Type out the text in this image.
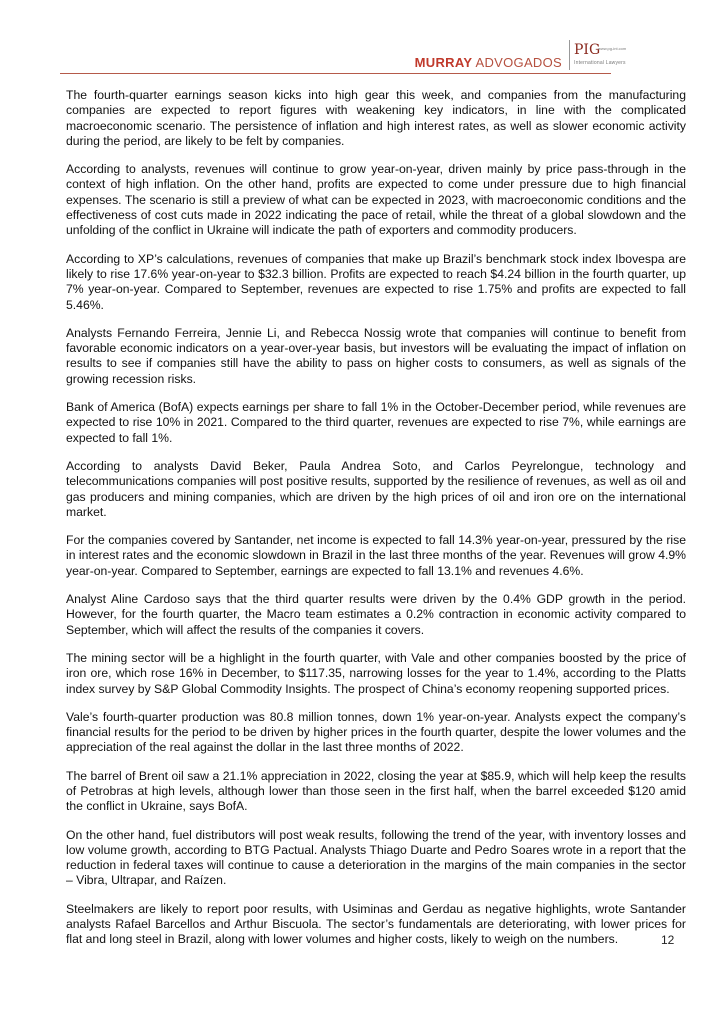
MURRAY ADVOGADOS
PIG
www.pg-int.com
International Lawyers

The fourth-quarter earnings season kicks into high gear this week, and companies from the manufacturing companies are expected to report figures with weakening key indicators, in line with the complicated macroeconomic scenario. The persistence of inflation and high interest rates, as well as slower economic activity during the period, are likely to be felt by companies.

According to analysts, revenues will continue to grow year-on-year, driven mainly by price pass-through in the context of high inflation. On the other hand, profits are expected to come under pressure due to high financial expenses. The scenario is still a preview of what can be expected in 2023, with macroeconomic conditions and the effectiveness of cost cuts made in 2022 indicating the pace of retail, while the threat of a global slowdown and the unfolding of the conflict in Ukraine will indicate the path of exporters and commodity producers.

According to XP’s calculations, revenues of companies that make up Brazil’s benchmark stock index Ibovespa are likely to rise 17.6% year-on-year to $32.3 billion. Profits are expected to reach $4.24 billion in the fourth quarter, up 7% year-on-year. Compared to September, revenues are expected to rise 1.75% and profits are expected to fall 5.46%.

Analysts Fernando Ferreira, Jennie Li, and Rebecca Nossig wrote that companies will continue to benefit from favorable economic indicators on a year-over-year basis, but investors will be evaluating the impact of inflation on results to see if companies still have the ability to pass on higher costs to consumers, as well as signals of the growing recession risks.

Bank of America (BofA) expects earnings per share to fall 1% in the October-December period, while revenues are expected to rise 10% in 2021. Compared to the third quarter, revenues are expected to rise 7%, while earnings are expected to fall 1%.

According to analysts David Beker, Paula Andrea Soto, and Carlos Peyrelongue, technology and telecommunications companies will post positive results, supported by the resilience of revenues, as well as oil and gas producers and mining companies, which are driven by the high prices of oil and iron ore on the international market.

For the companies covered by Santander, net income is expected to fall 14.3% year-on-year, pressured by the rise in interest rates and the economic slowdown in Brazil in the last three months of the year. Revenues will grow 4.9% year-on-year. Compared to September, earnings are expected to fall 13.1% and revenues 4.6%.

Analyst Aline Cardoso says that the third quarter results were driven by the 0.4% GDP growth in the period. However, for the fourth quarter, the Macro team estimates a 0.2% contraction in economic activity compared to September, which will affect the results of the companies it covers.

The mining sector will be a highlight in the fourth quarter, with Vale and other companies boosted by the price of iron ore, which rose 16% in December, to $117.35, narrowing losses for the year to 1.4%, according to the Platts index survey by S&P Global Commodity Insights. The prospect of China’s economy reopening supported prices.

Vale’s fourth-quarter production was 80.8 million tonnes, down 1% year-on-year. Analysts expect the company’s financial results for the period to be driven by higher prices in the fourth quarter, despite the lower volumes and the appreciation of the real against the dollar in the last three months of 2022.

The barrel of Brent oil saw a 21.1% appreciation in 2022, closing the year at $85.9, which will help keep the results of Petrobras at high levels, although lower than those seen in the first half, when the barrel exceeded $120 amid the conflict in Ukraine, says BofA.

On the other hand, fuel distributors will post weak results, following the trend of the year, with inventory losses and low volume growth, according to BTG Pactual. Analysts Thiago Duarte and Pedro Soares wrote in a report that the reduction in federal taxes will continue to cause a deterioration in the margins of the main companies in the sector – Vibra, Ultrapar, and Raízen.

Steelmakers are likely to report poor results, with Usiminas and Gerdau as negative highlights, wrote Santander analysts Rafael Barcellos and Arthur Biscuola. The sector’s fundamentals are deteriorating, with lower prices for flat and long steel in Brazil, along with lower volumes and higher costs, likely to weigh on the numbers.	12
